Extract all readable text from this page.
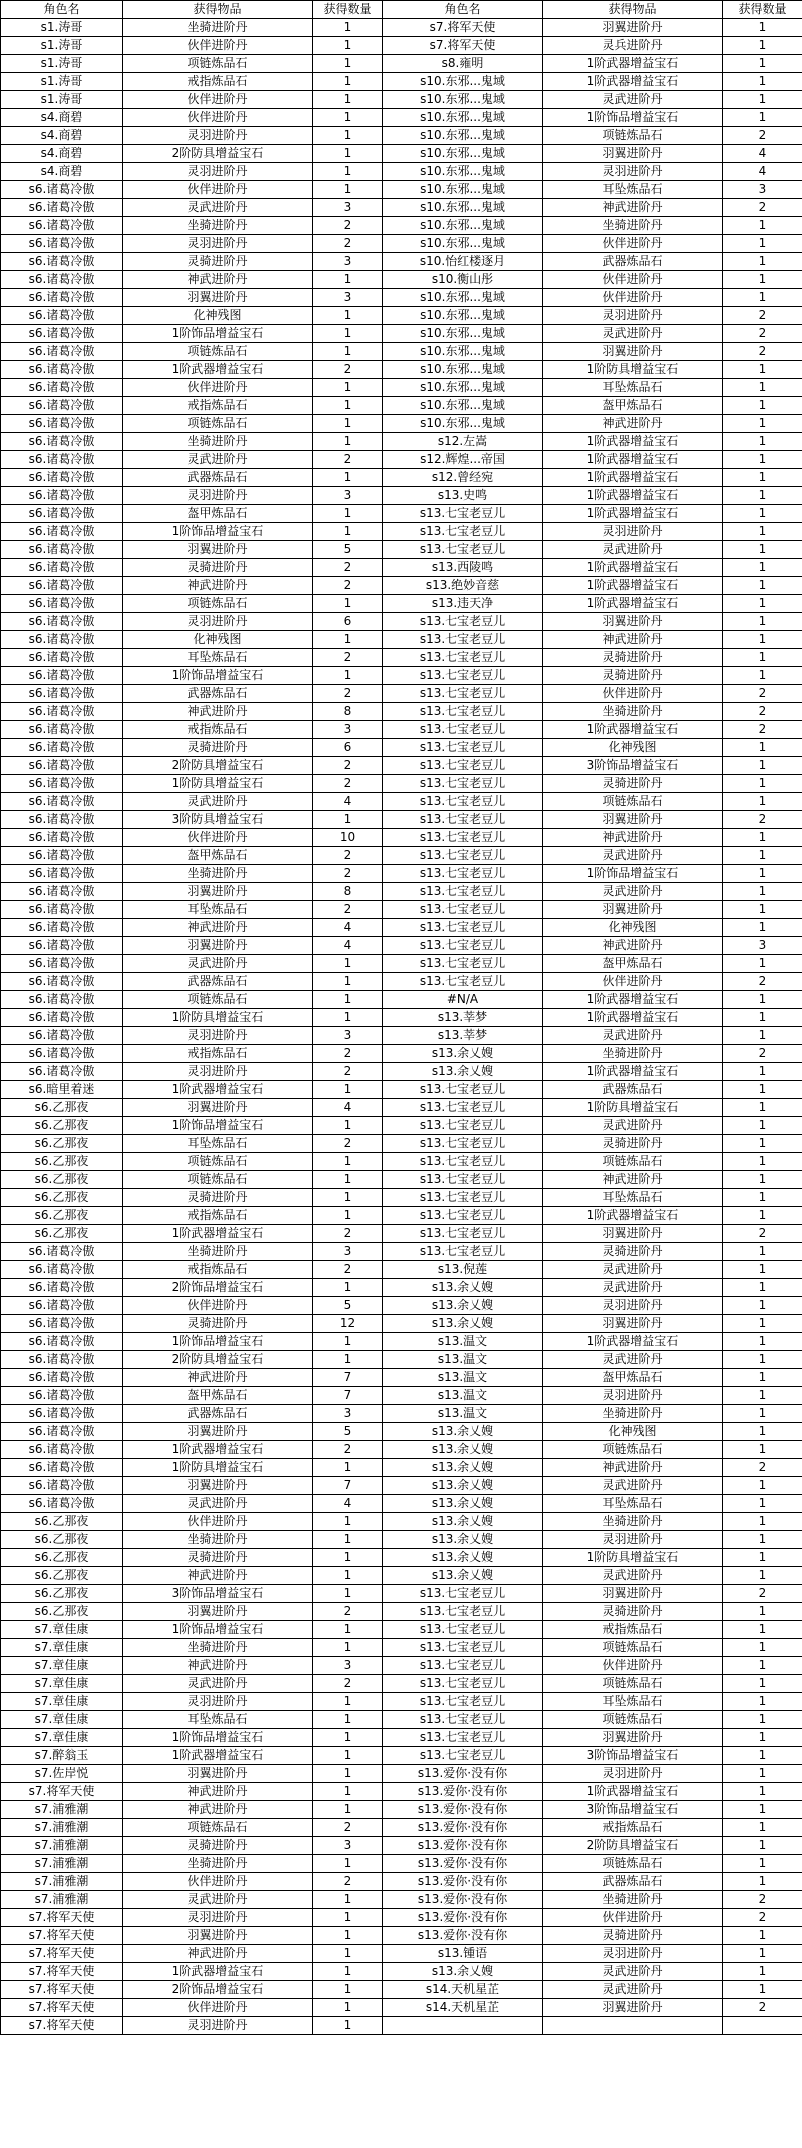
角色名	获得物品	获得数量	角色名	获得物品	获得数量
s1.涛哥	坐骑进阶丹	1	s7.将军天使	羽翼进阶丹	1
s1.涛哥	伙伴进阶丹	1	s7.将军天使	灵兵进阶丹	1
s1.涛哥	项链炼品石	1	s8.雍明	1阶武器增益宝石	1
s1.涛哥	戒指炼品石	1	s10.东邪...鬼域	1阶武器增益宝石	1
s1.涛哥	伙伴进阶丹	1	s10.东邪...鬼域	灵武进阶丹	1
s4.商碧	伙伴进阶丹	1	s10.东邪...鬼域	1阶饰品增益宝石	1
s4.商碧	灵羽进阶丹	1	s10.东邪...鬼域	项链炼品石	2
s4.商碧	2阶防具增益宝石	1	s10.东邪...鬼域	羽翼进阶丹	4
s4.商碧	灵羽进阶丹	1	s10.东邪...鬼域	灵羽进阶丹	4
s6.诸葛冷傲	伙伴进阶丹	1	s10.东邪...鬼域	耳坠炼品石	3
s6.诸葛冷傲	灵武进阶丹	3	s10.东邪...鬼域	神武进阶丹	2
s6.诸葛冷傲	坐骑进阶丹	2	s10.东邪...鬼域	坐骑进阶丹	1
s6.诸葛冷傲	灵羽进阶丹	2	s10.东邪...鬼域	伙伴进阶丹	1
s6.诸葛冷傲	灵骑进阶丹	3	s10.怡红楼逐月	武器炼品石	1
s6.诸葛冷傲	神武进阶丹	1	s10.衡山彤	伙伴进阶丹	1
s6.诸葛冷傲	羽翼进阶丹	3	s10.东邪...鬼域	伙伴进阶丹	1
s6.诸葛冷傲	化神残图	1	s10.东邪...鬼域	灵羽进阶丹	2
s6.诸葛冷傲	1阶饰品增益宝石	1	s10.东邪...鬼域	灵武进阶丹	2
s6.诸葛冷傲	项链炼品石	1	s10.东邪...鬼域	羽翼进阶丹	2
s6.诸葛冷傲	1阶武器增益宝石	2	s10.东邪...鬼域	1阶防具增益宝石	1
s6.诸葛冷傲	伙伴进阶丹	1	s10.东邪...鬼域	耳坠炼品石	1
s6.诸葛冷傲	戒指炼品石	1	s10.东邪...鬼域	盔甲炼品石	1
s6.诸葛冷傲	项链炼品石	1	s10.东邪...鬼域	神武进阶丹	1
s6.诸葛冷傲	坐骑进阶丹	1	s12.左嵩	1阶武器增益宝石	1
s6.诸葛冷傲	灵武进阶丹	2	s12.辉煌...帝国	1阶武器增益宝石	1
s6.诸葛冷傲	武器炼品石	1	s12.曾经宛	1阶武器增益宝石	1
s6.诸葛冷傲	灵羽进阶丹	3	s13.史鸣	1阶武器增益宝石	1
s6.诸葛冷傲	盔甲炼品石	1	s13.七宝老豆儿	1阶武器增益宝石	1
s6.诸葛冷傲	1阶饰品增益宝石	1	s13.七宝老豆儿	灵羽进阶丹	1
s6.诸葛冷傲	羽翼进阶丹	5	s13.七宝老豆儿	灵武进阶丹	1
s6.诸葛冷傲	灵骑进阶丹	2	s13.西陵鸣	1阶武器增益宝石	1
s6.诸葛冷傲	神武进阶丹	2	s13.绝妙音慈	1阶武器增益宝石	1
s6.诸葛冷傲	项链炼品石	1	s13.违天净	1阶武器增益宝石	1
s6.诸葛冷傲	灵羽进阶丹	6	s13.七宝老豆儿	羽翼进阶丹	1
s6.诸葛冷傲	化神残图	1	s13.七宝老豆儿	神武进阶丹	1
s6.诸葛冷傲	耳坠炼品石	2	s13.七宝老豆儿	灵骑进阶丹	1
s6.诸葛冷傲	1阶饰品增益宝石	1	s13.七宝老豆儿	灵骑进阶丹	1
s6.诸葛冷傲	武器炼品石	2	s13.七宝老豆儿	伙伴进阶丹	2
s6.诸葛冷傲	神武进阶丹	8	s13.七宝老豆儿	坐骑进阶丹	2
s6.诸葛冷傲	戒指炼品石	3	s13.七宝老豆儿	1阶武器增益宝石	2
s6.诸葛冷傲	灵骑进阶丹	6	s13.七宝老豆儿	化神残图	1
s6.诸葛冷傲	2阶防具增益宝石	2	s13.七宝老豆儿	3阶饰品增益宝石	1
s6.诸葛冷傲	1阶防具增益宝石	2	s13.七宝老豆儿	灵骑进阶丹	1
s6.诸葛冷傲	灵武进阶丹	4	s13.七宝老豆儿	项链炼品石	1
s6.诸葛冷傲	3阶防具增益宝石	1	s13.七宝老豆儿	羽翼进阶丹	2
s6.诸葛冷傲	伙伴进阶丹	10	s13.七宝老豆儿	神武进阶丹	1
s6.诸葛冷傲	盔甲炼品石	2	s13.七宝老豆儿	灵武进阶丹	1
s6.诸葛冷傲	坐骑进阶丹	2	s13.七宝老豆儿	1阶饰品增益宝石	1
s6.诸葛冷傲	羽翼进阶丹	8	s13.七宝老豆儿	灵武进阶丹	1
s6.诸葛冷傲	耳坠炼品石	2	s13.七宝老豆儿	羽翼进阶丹	1
s6.诸葛冷傲	神武进阶丹	4	s13.七宝老豆儿	化神残图	1
s6.诸葛冷傲	羽翼进阶丹	4	s13.七宝老豆儿	神武进阶丹	3
s6.诸葛冷傲	灵武进阶丹	1	s13.七宝老豆儿	盔甲炼品石	1
s6.诸葛冷傲	武器炼品石	1	s13.七宝老豆儿	伙伴进阶丹	2
s6.诸葛冷傲	项链炼品石	1	#N/A	1阶武器增益宝石	1
s6.诸葛冷傲	1阶防具增益宝石	1	s13.莘梦	1阶武器增益宝石	1
s6.诸葛冷傲	灵羽进阶丹	3	s13.莘梦	灵武进阶丹	1
s6.诸葛冷傲	戒指炼品石	2	s13.余乂嫂	坐骑进阶丹	2
s6.诸葛冷傲	灵羽进阶丹	2	s13.余乂嫂	1阶武器增益宝石	1
s6.暗里着迷	1阶武器增益宝石	1	s13.七宝老豆儿	武器炼品石	1
s6.乙那夜	羽翼进阶丹	4	s13.七宝老豆儿	1阶防具增益宝石	1
s6.乙那夜	1阶饰品增益宝石	1	s13.七宝老豆儿	灵武进阶丹	1
s6.乙那夜	耳坠炼品石	2	s13.七宝老豆儿	灵骑进阶丹	1
s6.乙那夜	项链炼品石	1	s13.七宝老豆儿	项链炼品石	1
s6.乙那夜	项链炼品石	1	s13.七宝老豆儿	神武进阶丹	1
s6.乙那夜	灵骑进阶丹	1	s13.七宝老豆儿	耳坠炼品石	1
s6.乙那夜	戒指炼品石	1	s13.七宝老豆儿	1阶武器增益宝石	1
s6.乙那夜	1阶武器增益宝石	2	s13.七宝老豆儿	羽翼进阶丹	2
s6.诸葛冷傲	坐骑进阶丹	3	s13.七宝老豆儿	灵骑进阶丹	1
s6.诸葛冷傲	戒指炼品石	2	s13.倪莲	灵武进阶丹	1
s6.诸葛冷傲	2阶饰品增益宝石	1	s13.余乂嫂	灵武进阶丹	1
s6.诸葛冷傲	伙伴进阶丹	5	s13.余乂嫂	灵羽进阶丹	1
s6.诸葛冷傲	灵骑进阶丹	12	s13.余乂嫂	羽翼进阶丹	1
s6.诸葛冷傲	1阶饰品增益宝石	1	s13.温文	1阶武器增益宝石	1
s6.诸葛冷傲	2阶防具增益宝石	1	s13.温文	灵武进阶丹	1
s6.诸葛冷傲	神武进阶丹	7	s13.温文	盔甲炼品石	1
s6.诸葛冷傲	盔甲炼品石	7	s13.温文	灵羽进阶丹	1
s6.诸葛冷傲	武器炼品石	3	s13.温文	坐骑进阶丹	1
s6.诸葛冷傲	羽翼进阶丹	5	s13.余乂嫂	化神残图	1
s6.诸葛冷傲	1阶武器增益宝石	2	s13.余乂嫂	项链炼品石	1
s6.诸葛冷傲	1阶防具增益宝石	1	s13.余乂嫂	神武进阶丹	2
s6.诸葛冷傲	羽翼进阶丹	7	s13.余乂嫂	灵武进阶丹	1
s6.诸葛冷傲	灵武进阶丹	4	s13.余乂嫂	耳坠炼品石	1
s6.乙那夜	伙伴进阶丹	1	s13.余乂嫂	坐骑进阶丹	1
s6.乙那夜	坐骑进阶丹	1	s13.余乂嫂	灵羽进阶丹	1
s6.乙那夜	灵骑进阶丹	1	s13.余乂嫂	1阶防具增益宝石	1
s6.乙那夜	神武进阶丹	1	s13.余乂嫂	灵武进阶丹	1
s6.乙那夜	3阶饰品增益宝石	1	s13.七宝老豆儿	羽翼进阶丹	2
s6.乙那夜	羽翼进阶丹	2	s13.七宝老豆儿	灵骑进阶丹	1
s7.章佳康	1阶饰品增益宝石	1	s13.七宝老豆儿	戒指炼品石	1
s7.章佳康	坐骑进阶丹	1	s13.七宝老豆儿	项链炼品石	1
s7.章佳康	神武进阶丹	3	s13.七宝老豆儿	伙伴进阶丹	1
s7.章佳康	灵武进阶丹	2	s13.七宝老豆儿	项链炼品石	1
s7.章佳康	灵羽进阶丹	1	s13.七宝老豆儿	耳坠炼品石	1
s7.章佳康	耳坠炼品石	1	s13.七宝老豆儿	项链炼品石	1
s7.章佳康	1阶饰品增益宝石	1	s13.七宝老豆儿	羽翼进阶丹	1
s7.醉翁玉	1阶武器增益宝石	1	s13.七宝老豆儿	3阶饰品增益宝石	1
s7.佐岸悦	羽翼进阶丹	1	s13.爱你·没有你	灵羽进阶丹	1
s7.将军天使	神武进阶丹	1	s13.爱你·没有你	1阶武器增益宝石	1
s7.浦雅潮	神武进阶丹	1	s13.爱你·没有你	3阶饰品增益宝石	1
s7.浦雅潮	项链炼品石	2	s13.爱你·没有你	戒指炼品石	1
s7.浦雅潮	灵骑进阶丹	3	s13.爱你·没有你	2阶防具增益宝石	1
s7.浦雅潮	坐骑进阶丹	1	s13.爱你·没有你	项链炼品石	1
s7.浦雅潮	伙伴进阶丹	2	s13.爱你·没有你	武器炼品石	1
s7.浦雅潮	灵武进阶丹	1	s13.爱你·没有你	坐骑进阶丹	2
s7.将军天使	灵羽进阶丹	1	s13.爱你·没有你	伙伴进阶丹	2
s7.将军天使	羽翼进阶丹	1	s13.爱你·没有你	灵骑进阶丹	1
s7.将军天使	神武进阶丹	1	s13.锺语	灵羽进阶丹	1
s7.将军天使	1阶武器增益宝石	1	s13.余乂嫂	灵武进阶丹	1
s7.将军天使	2阶饰品增益宝石	1	s14.天机星芷	灵武进阶丹	1
s7.将军天使	伙伴进阶丹	1	s14.天机星芷	羽翼进阶丹	2
s7.将军天使	灵羽进阶丹	1			
